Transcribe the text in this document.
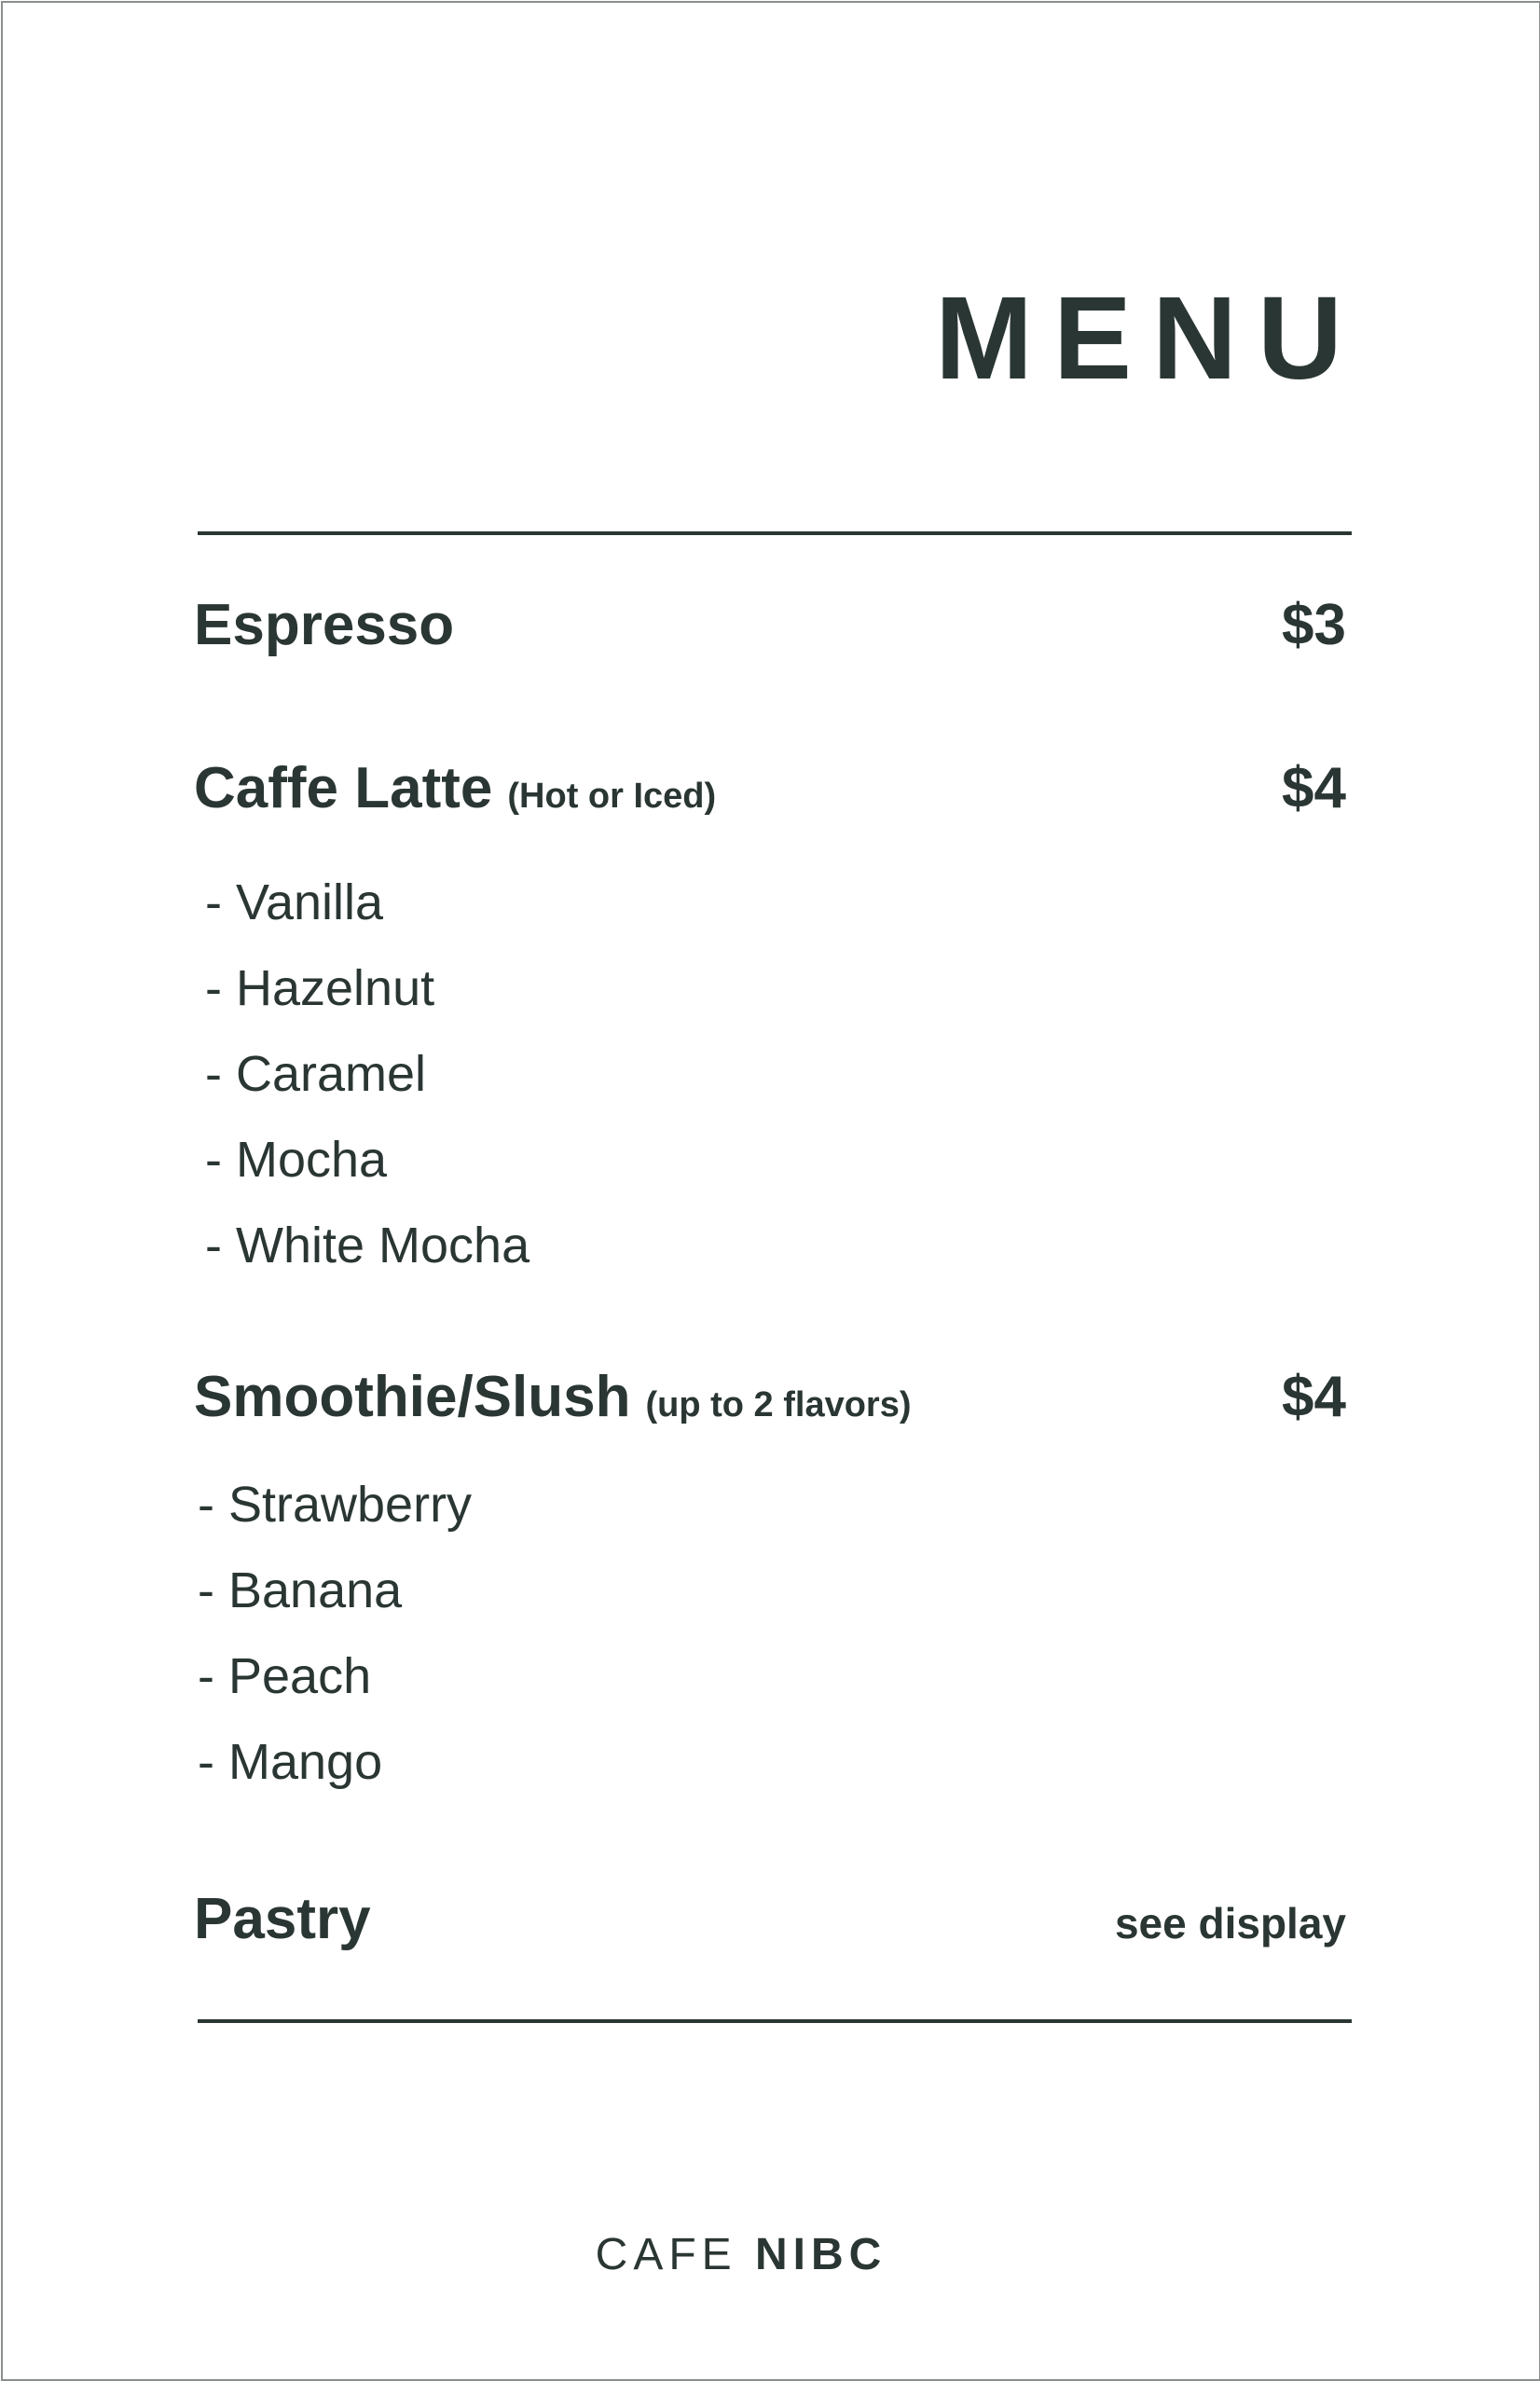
MENU
Espresso	$3
Caffe Latte (Hot or Iced)	$4
- Vanilla
- Hazelnut
- Caramel
- Mocha
- White Mocha
Smoothie/Slush (up to 2 flavors)	$4
- Strawberry
- Banana
- Peach
- Mango
Pastry	see display
CAFE NIBC
